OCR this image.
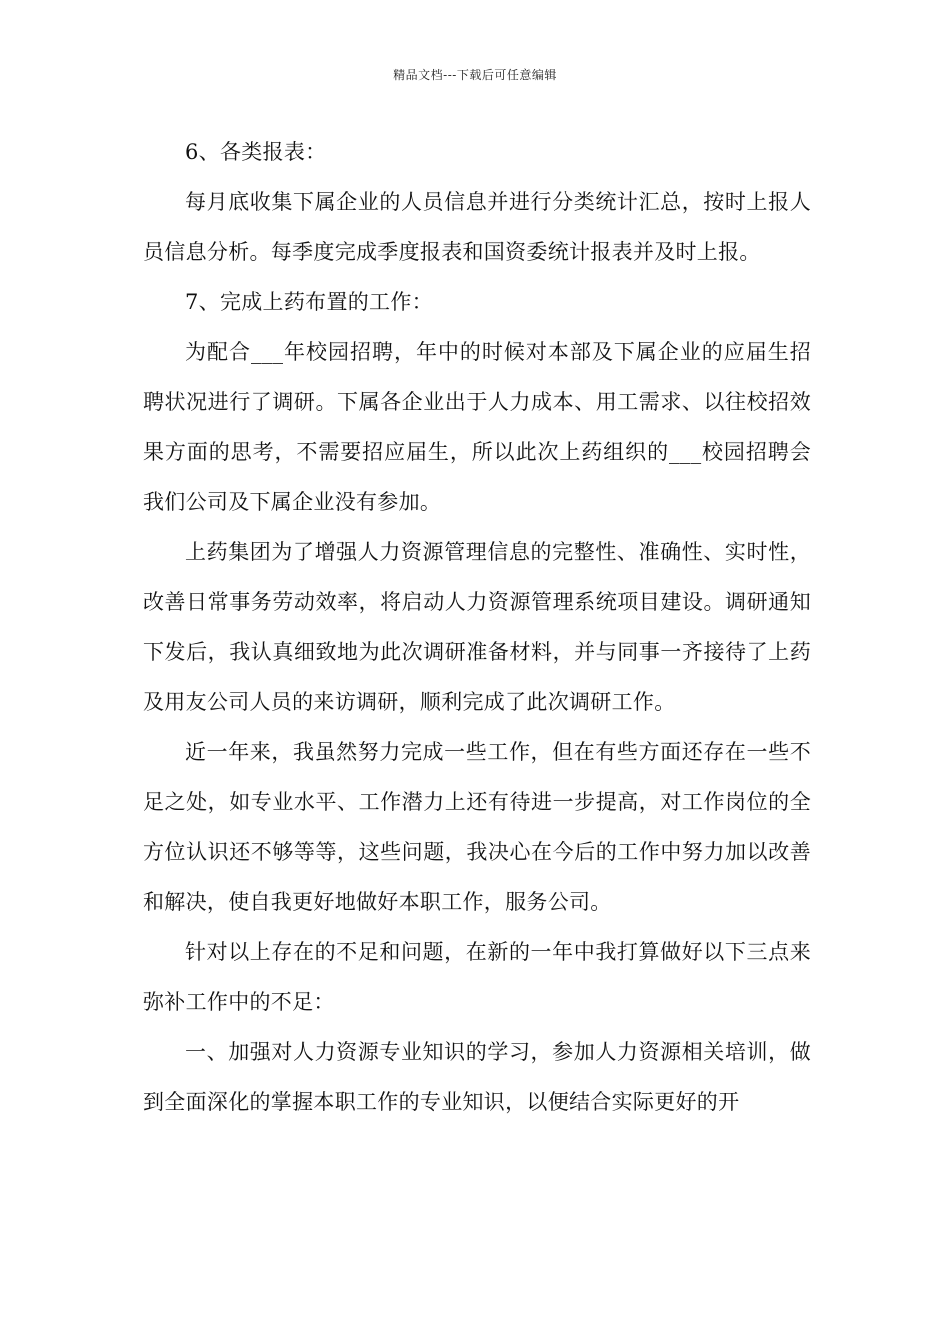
精品文档---下载后可任意编辑

6、各类报表：

每月底收集下属企业的人员信息并进行分类统计汇总，按时上报人员信息分析。每季度完成季度报表和国资委统计报表并及时上报。

7、完成上药布置的工作：

为配合___年校园招聘，年中的时候对本部及下属企业的应届生招聘状况进行了调研。下属各企业出于人力成本、用工需求、以往校招效果方面的思考，不需要招应届生，所以此次上药组织的___校园招聘会我们公司及下属企业没有参加。

上药集团为了增强人力资源管理信息的完整性、准确性、实时性，改善日常事务劳动效率，将启动人力资源管理系统项目建设。调研通知下发后，我认真细致地为此次调研准备材料，并与同事一齐接待了上药及用友公司人员的来访调研，顺利完成了此次调研工作。

近一年来，我虽然努力完成一些工作，但在有些方面还存在一些不足之处，如专业水平、工作潜力上还有待进一步提高，对工作岗位的全方位认识还不够等等，这些问题，我决心在今后的工作中努力加以改善和解决，使自我更好地做好本职工作，服务公司。

针对以上存在的不足和问题，在新的一年中我打算做好以下三点来弥补工作中的不足：

一、加强对人力资源专业知识的学习，参加人力资源相关培训，做到全面深化的掌握本职工作的专业知识，以便结合实际更好的开
